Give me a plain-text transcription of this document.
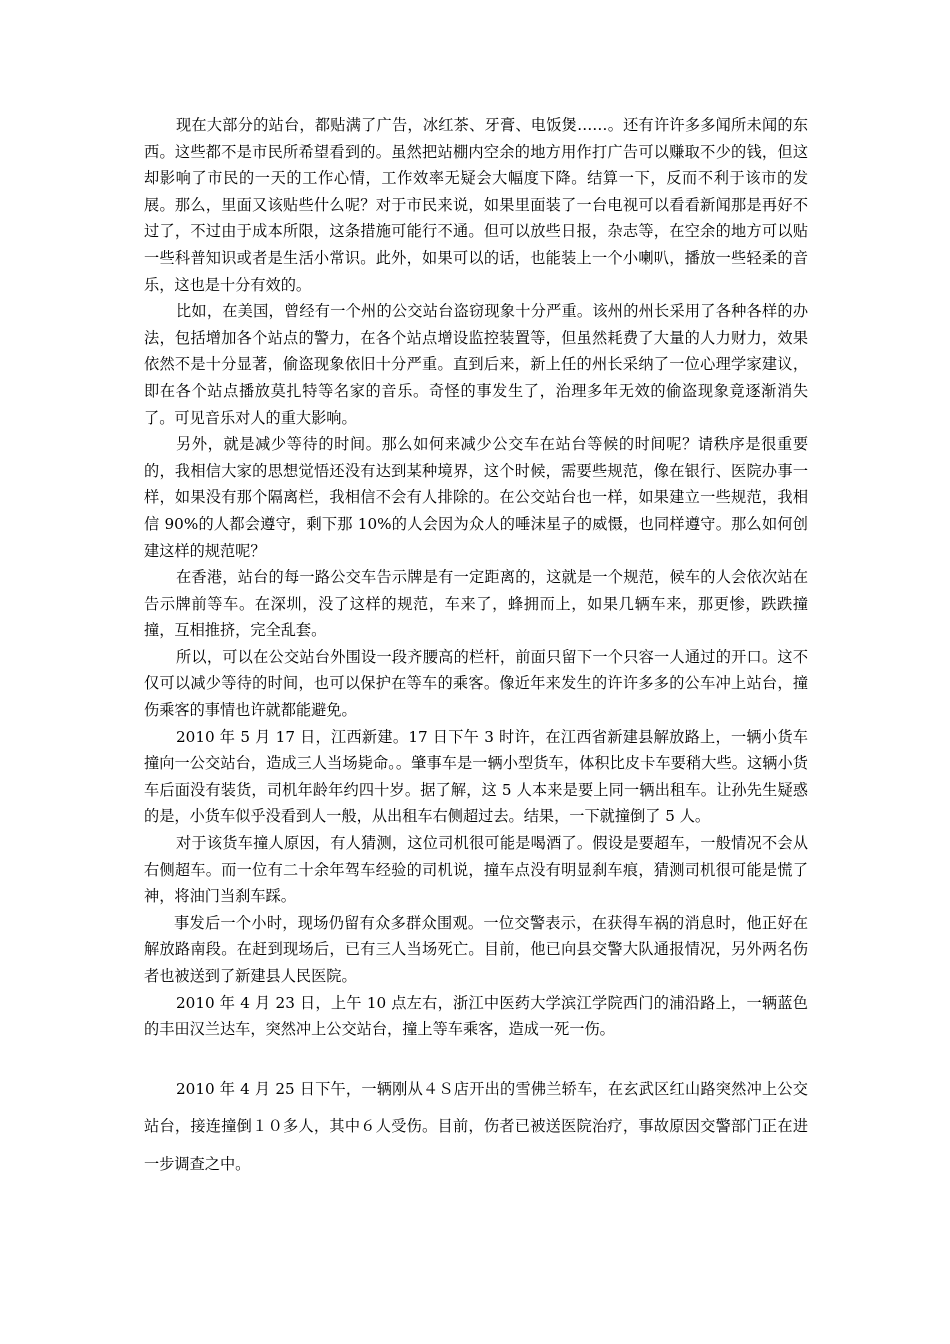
现在大部分的站台，都贴满了广告，冰红茶、牙膏、电饭煲……。还有许许多多闻所未闻的东西。这些都不是市民所希望看到的。虽然把站棚内空余的地方用作打广告可以赚取不少的钱，但这却影响了市民的一天的工作心情，工作效率无疑会大幅度下降。结算一下，反而不利于该市的发展。那么，里面又该贴些什么呢？对于市民来说，如果里面装了一台电视可以看看新闻那是再好不过了，不过由于成本所限，这条措施可能行不通。但可以放些日报，杂志等，在空余的地方可以贴一些科普知识或者是生活小常识。此外，如果可以的话，也能装上一个小喇叭，播放一些轻柔的音乐，这也是十分有效的。

比如，在美国，曾经有一个州的公交站台盗窃现象十分严重。该州的州长采用了各种各样的办法，包括增加各个站点的警力，在各个站点增设监控装置等，但虽然耗费了大量的人力财力，效果依然不是十分显著，偷盗现象依旧十分严重。直到后来，新上任的州长采纳了一位心理学家建议，即在各个站点播放莫扎特等名家的音乐。奇怪的事发生了，治理多年无效的偷盗现象竟逐渐消失了。可见音乐对人的重大影响。

另外，就是减少等待的时间。那么如何来减少公交车在站台等候的时间呢？请秩序是很重要的，我相信大家的思想觉悟还没有达到某种境界，这个时候，需要些规范，像在银行、医院办事一样，如果没有那个隔离栏，我相信不会有人排除的。在公交站台也一样，如果建立一些规范，我相信 90%的人都会遵守，剩下那 10%的人会因为众人的唾沫星子的威慑，也同样遵守。那么如何创建这样的规范呢？

在香港，站台的每一路公交车告示牌是有一定距离的，这就是一个规范，候车的人会依次站在告示牌前等车。在深圳，没了这样的规范，车来了，蜂拥而上，如果几辆车来，那更惨，跌跌撞撞，互相推挤，完全乱套。

所以，可以在公交站台外围设一段齐腰高的栏杆，前面只留下一个只容一人通过的开口。这不仅可以减少等待的时间，也可以保护在等车的乘客。像近年来发生的许许多多的公车冲上站台，撞伤乘客的事情也许就都能避免。

2010 年 5 月 17 日，江西新建。17 日下午 3 时许，在江西省新建县解放路上，一辆小货车撞向一公交站台，造成三人当场毙命。。肇事车是一辆小型货车，体积比皮卡车要稍大些。这辆小货车后面没有装货，司机年龄年约四十岁。据了解，这 5 人本来是要上同一辆出租车。让孙先生疑惑的是，小货车似乎没看到人一般，从出租车右侧超过去。结果，一下就撞倒了 5 人。

对于该货车撞人原因，有人猜测，这位司机很可能是喝酒了。假设是要超车，一般情况不会从右侧超车。而一位有二十余年驾车经验的司机说，撞车点没有明显刹车痕，猜测司机很可能是慌了神，将油门当刹车踩。

事发后一个小时，现场仍留有众多群众围观。一位交警表示，在获得车祸的消息时，他正好在解放路南段。在赶到现场后，已有三人当场死亡。目前，他已向县交警大队通报情况，另外两名伤者也被送到了新建县人民医院。

2010 年 4 月 23 日，上午 10 点左右，浙江中医药大学滨江学院西门的浦沿路上，一辆蓝色的丰田汉兰达车，突然冲上公交站台，撞上等车乘客，造成一死一伤。

2010 年 4 月 25 日下午，一辆刚从４Ｓ店开出的雪佛兰轿车，在玄武区红山路突然冲上公交站台，接连撞倒１０多人，其中６人受伤。目前，伤者已被送医院治疗，事故原因交警部门正在进一步调查之中。
